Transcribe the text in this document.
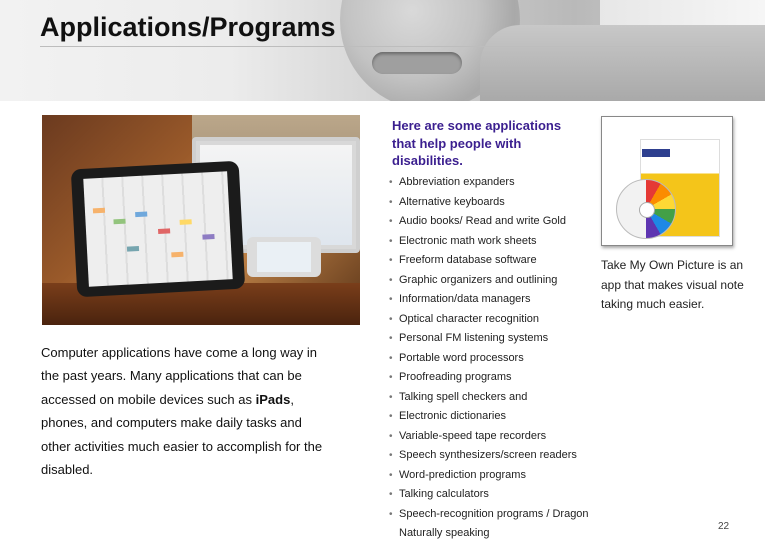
Applications/Programs

Computer applications have come a long way in the past years. Many applications that can be accessed on mobile devices such as iPads, phones, and computers make daily tasks and other activities much easier to accomplish for the disabled.

Here are some applications that help people with disabilities.

• Abbreviation expanders
• Alternative keyboards
• Audio books/ Read and write Gold
• Electronic math work sheets
• Freeform database software
• Graphic organizers and outlining
• Information/data managers
• Optical character recognition
• Personal FM listening systems
• Portable word processors
• Proofreading programs
• Talking spell checkers and
• Electronic dictionaries
• Variable-speed tape recorders
• Speech synthesizers/screen readers
• Word-prediction programs
• Talking calculators
• Speech-recognition programs / Dragon Naturally speaking

Take My Own Picture is an app that makes visual note taking much easier.

22
